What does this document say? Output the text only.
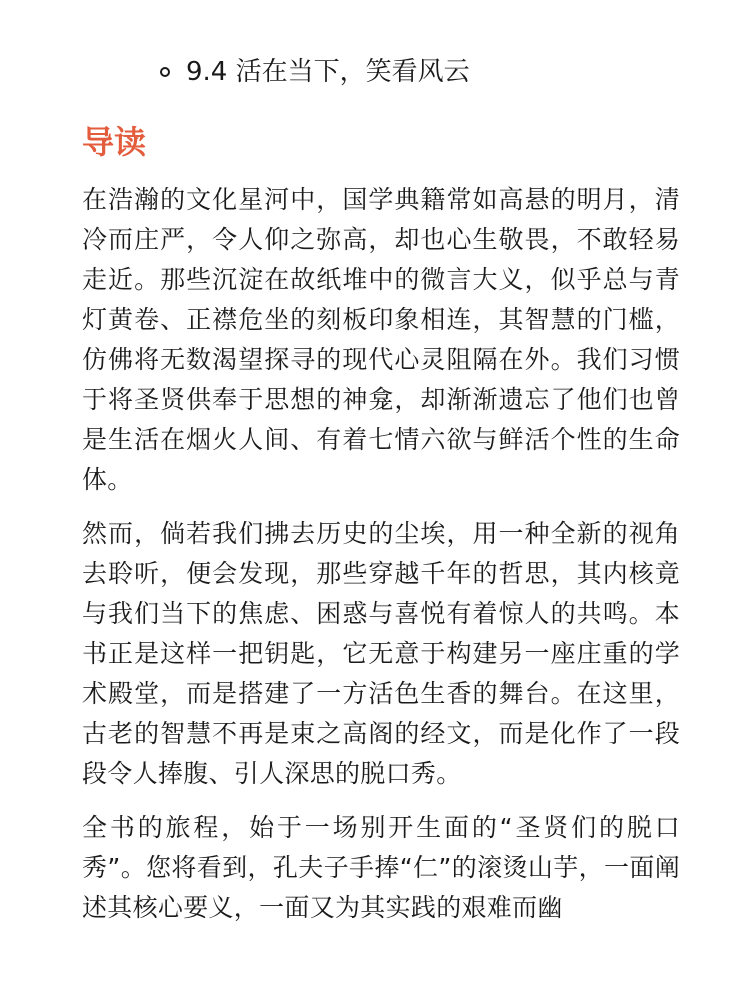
9.4 活在当下，笑看风云
导读

在浩瀚的文化星河中，国学典籍常如高悬的明月，清冷而庄严，令人仰之弥高，却也心生敬畏，不敢轻易走近。那些沉淀在故纸堆中的微言大义，似乎总与青灯黄卷、正襟危坐的刻板印象相连，其智慧的门槛，仿佛将无数渴望探寻的现代心灵阻隔在外。我们习惯于将圣贤供奉于思想的神龛，却渐渐遗忘了他们也曾是生活在烟火人间、有着七情六欲与鲜活个性的生命体。

然而，倘若我们拂去历史的尘埃，用一种全新的视角去聆听，便会发现，那些穿越千年的哲思，其内核竟与我们当下的焦虑、困惑与喜悦有着惊人的共鸣。本书正是这样一把钥匙，它无意于构建另一座庄重的学术殿堂，而是搭建了一方活色生香的舞台。在这里，古老的智慧不再是束之高阁的经文，而是化作了一段段令人捧腹、引人深思的脱口秀。

全书的旅程，始于一场别开生面的“圣贤们的脱口秀”。您将看到，孔夫子手捧“仁”的滚烫山芋，一面阐述其核心要义，一面又为其实践的艰难而幽
